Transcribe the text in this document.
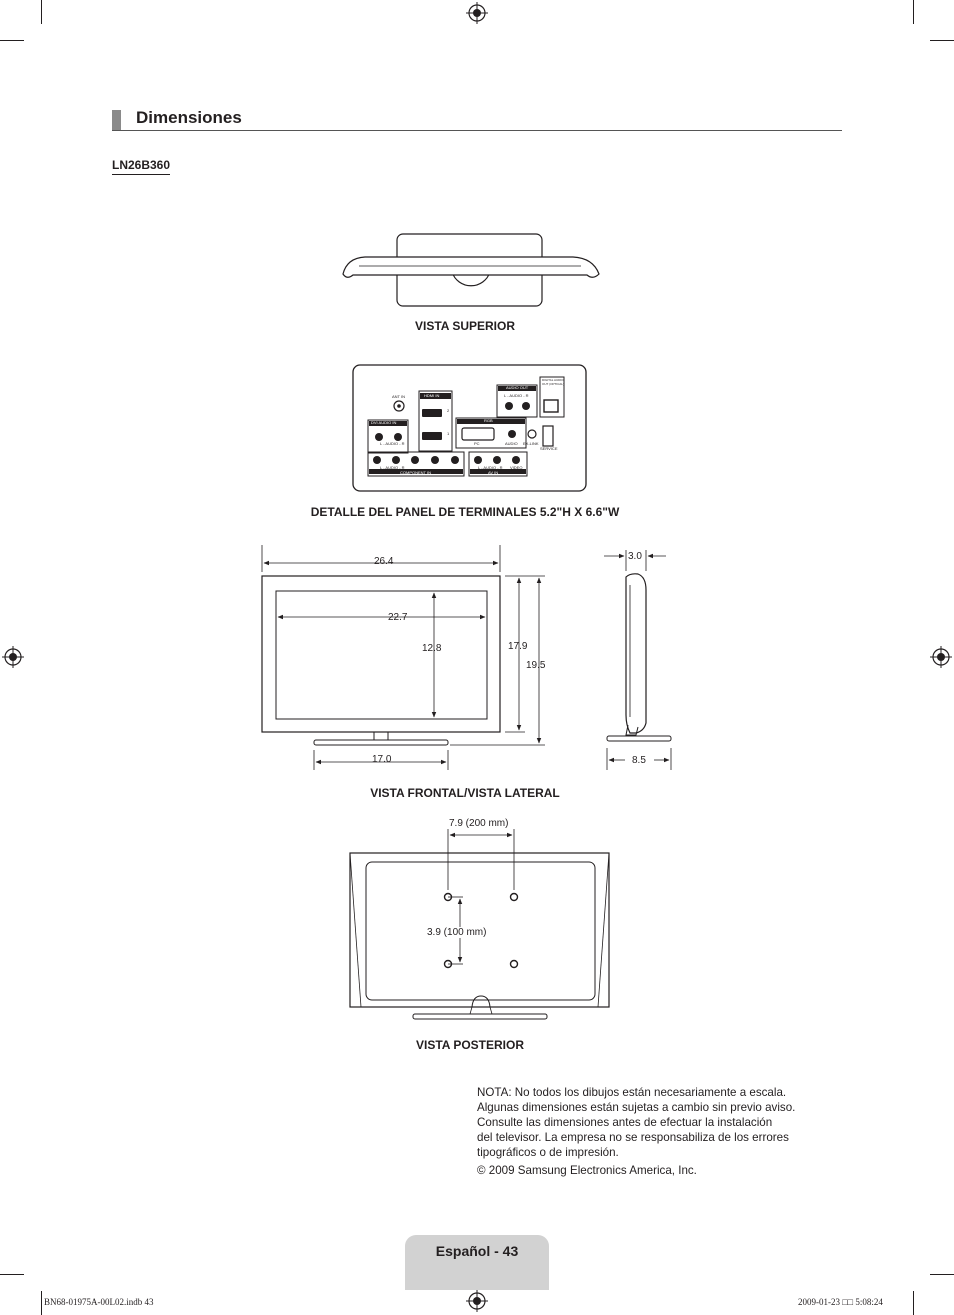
Dimensiones
LN26B360
VISTA SUPERIOR
ANT IN	HDMI IN
2
1
DVI AUDIO IN
AUDIO OUT
DIGITAL AUDIO OUT (OPTICAL)
RGB
PC	AUDIO EX-LINK
SERVICE
L - AUDIO - R
L - AUDIO - R
L - AUDIO - R	L - AUDIO - R VIDEO
COMPONENT IN	AV IN
DETALLE DEL PANEL DE TERMINALES 5.2"H X 6.6"W
26.4
22.7
12.8	17.9
19.5
17.0
3.0
8.5
VISTA FRONTAL/VISTA LATERAL
7.9 (200 mm)
3.9 (100 mm)
VISTA POSTERIOR

NOTA: No todos los dibujos están necesariamente a escala.

Algunas dimensiones están sujetas a cambio sin previo aviso.

Consulte las dimensiones antes de efectuar la instalación

del televisor. La empresa no se responsabiliza de los errores

tipográficos o de impresión.

© 2009 Samsung Electronics America, Inc.

Español - 43
BN68-01975A-00L02.indb 43	2009-01-23 □□ 5:08:24
